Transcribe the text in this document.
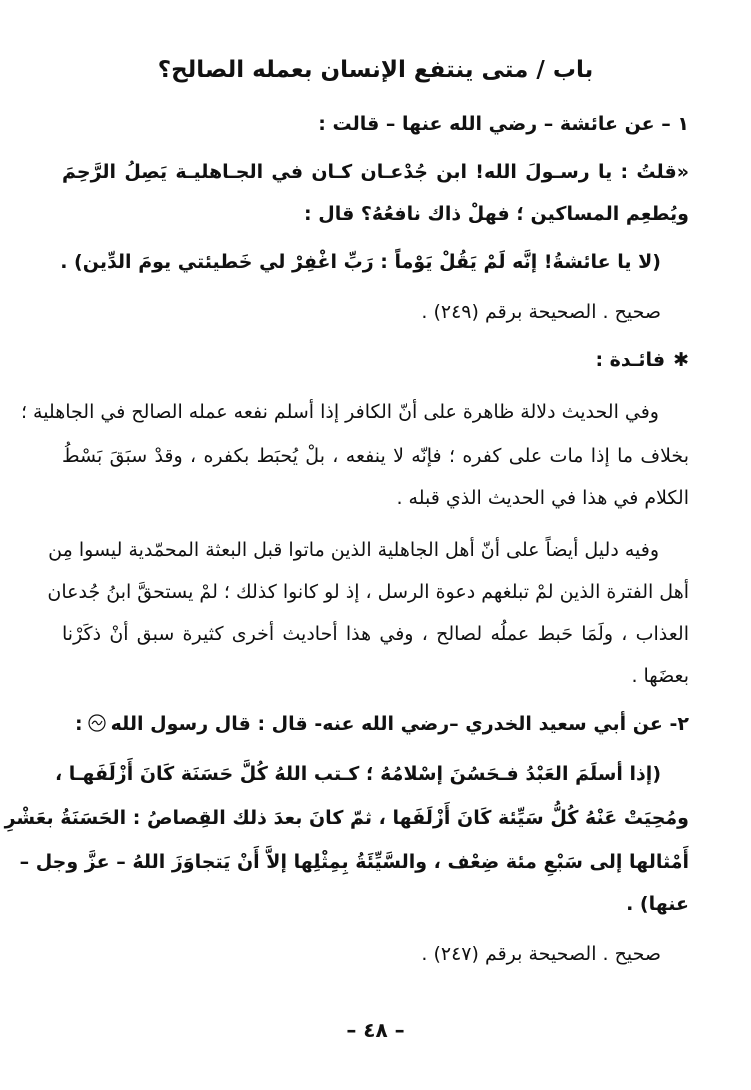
باب / متى ينتفع الإنسان بعمله الصالح؟
١ – عن عائشة – رضي الله عنها – قالت :
«قلتُ : يا رسـولَ الله! ابن جُدْعـان كـان في الجـاهليـة يَصِلُ الرَّحِمَ
ويُطعِم المساكين ؛ فهلْ ذاك نافعُهُ؟ قال :
(لا يا عائشةُ! إنَّه لَمْ يَقُلْ يَوْماً : رَبِّ اغْفِرْ لي خَطيئتي يومَ الدِّين) .
صحيح . الصحيحة برقم (٢٤٩) .
✱فائـدة :
وفي الحديث دلالة ظاهرة على أنّ الكافر إذا أسلم نفعه عمله الصالح في الجاهلية ؛
بخلاف ما إذا مات على كفره ؛ فإنّه لا ينفعه ، بلْ يُحبَط بكفره ، وقدْ سبَقَ بَسْطُ
الكلام في هذا في الحديث الذي قبله .
وفيه دليل أيضاً على أنّ أهل الجاهلية الذين ماتوا قبل البعثة المحمّدية ليسوا مِن
أهل الفترة الذين لمْ تبلغهم دعوة الرسل ، إذ لو كانوا كذلك ؛ لمْ يستحقَّ ابنُ جُدعان
العذاب ، ولَمَا حَبط عملُه لصالح ، وفي هذا أحاديث أخرى كثيرة سبق أنْ ذكَرْنا
بعضَها .
٢- عن أبي سعيد الخدري –رضي الله عنه- قال : قال رسول الله:
(إذا أسلَمَ العَبْدُ فـحَسُنَ إسْلامُهُ ؛ كـتب اللهُ كُلَّ حَسَنَة كَانَ أَزْلَفَهـا ،
ومُحِيَتْ عَنْهُ كُلُّ سَيِّئة كَانَ أَزْلَفَها ، ثمّ كانَ بعدَ ذلك القِصاصُ : الحَسَنَةُ بعَشْرِ
أَمْثالها إلى سَبْعِ مئة ضِعْف ، والسَّيِّئَةُ بِمِثْلِها إلاَّ أَنْ يَتجاوَزَ اللهُ – عزَّ وجل –
عنها) .
صحيح . الصحيحة برقم (٢٤٧) .
– ٤٨ –
